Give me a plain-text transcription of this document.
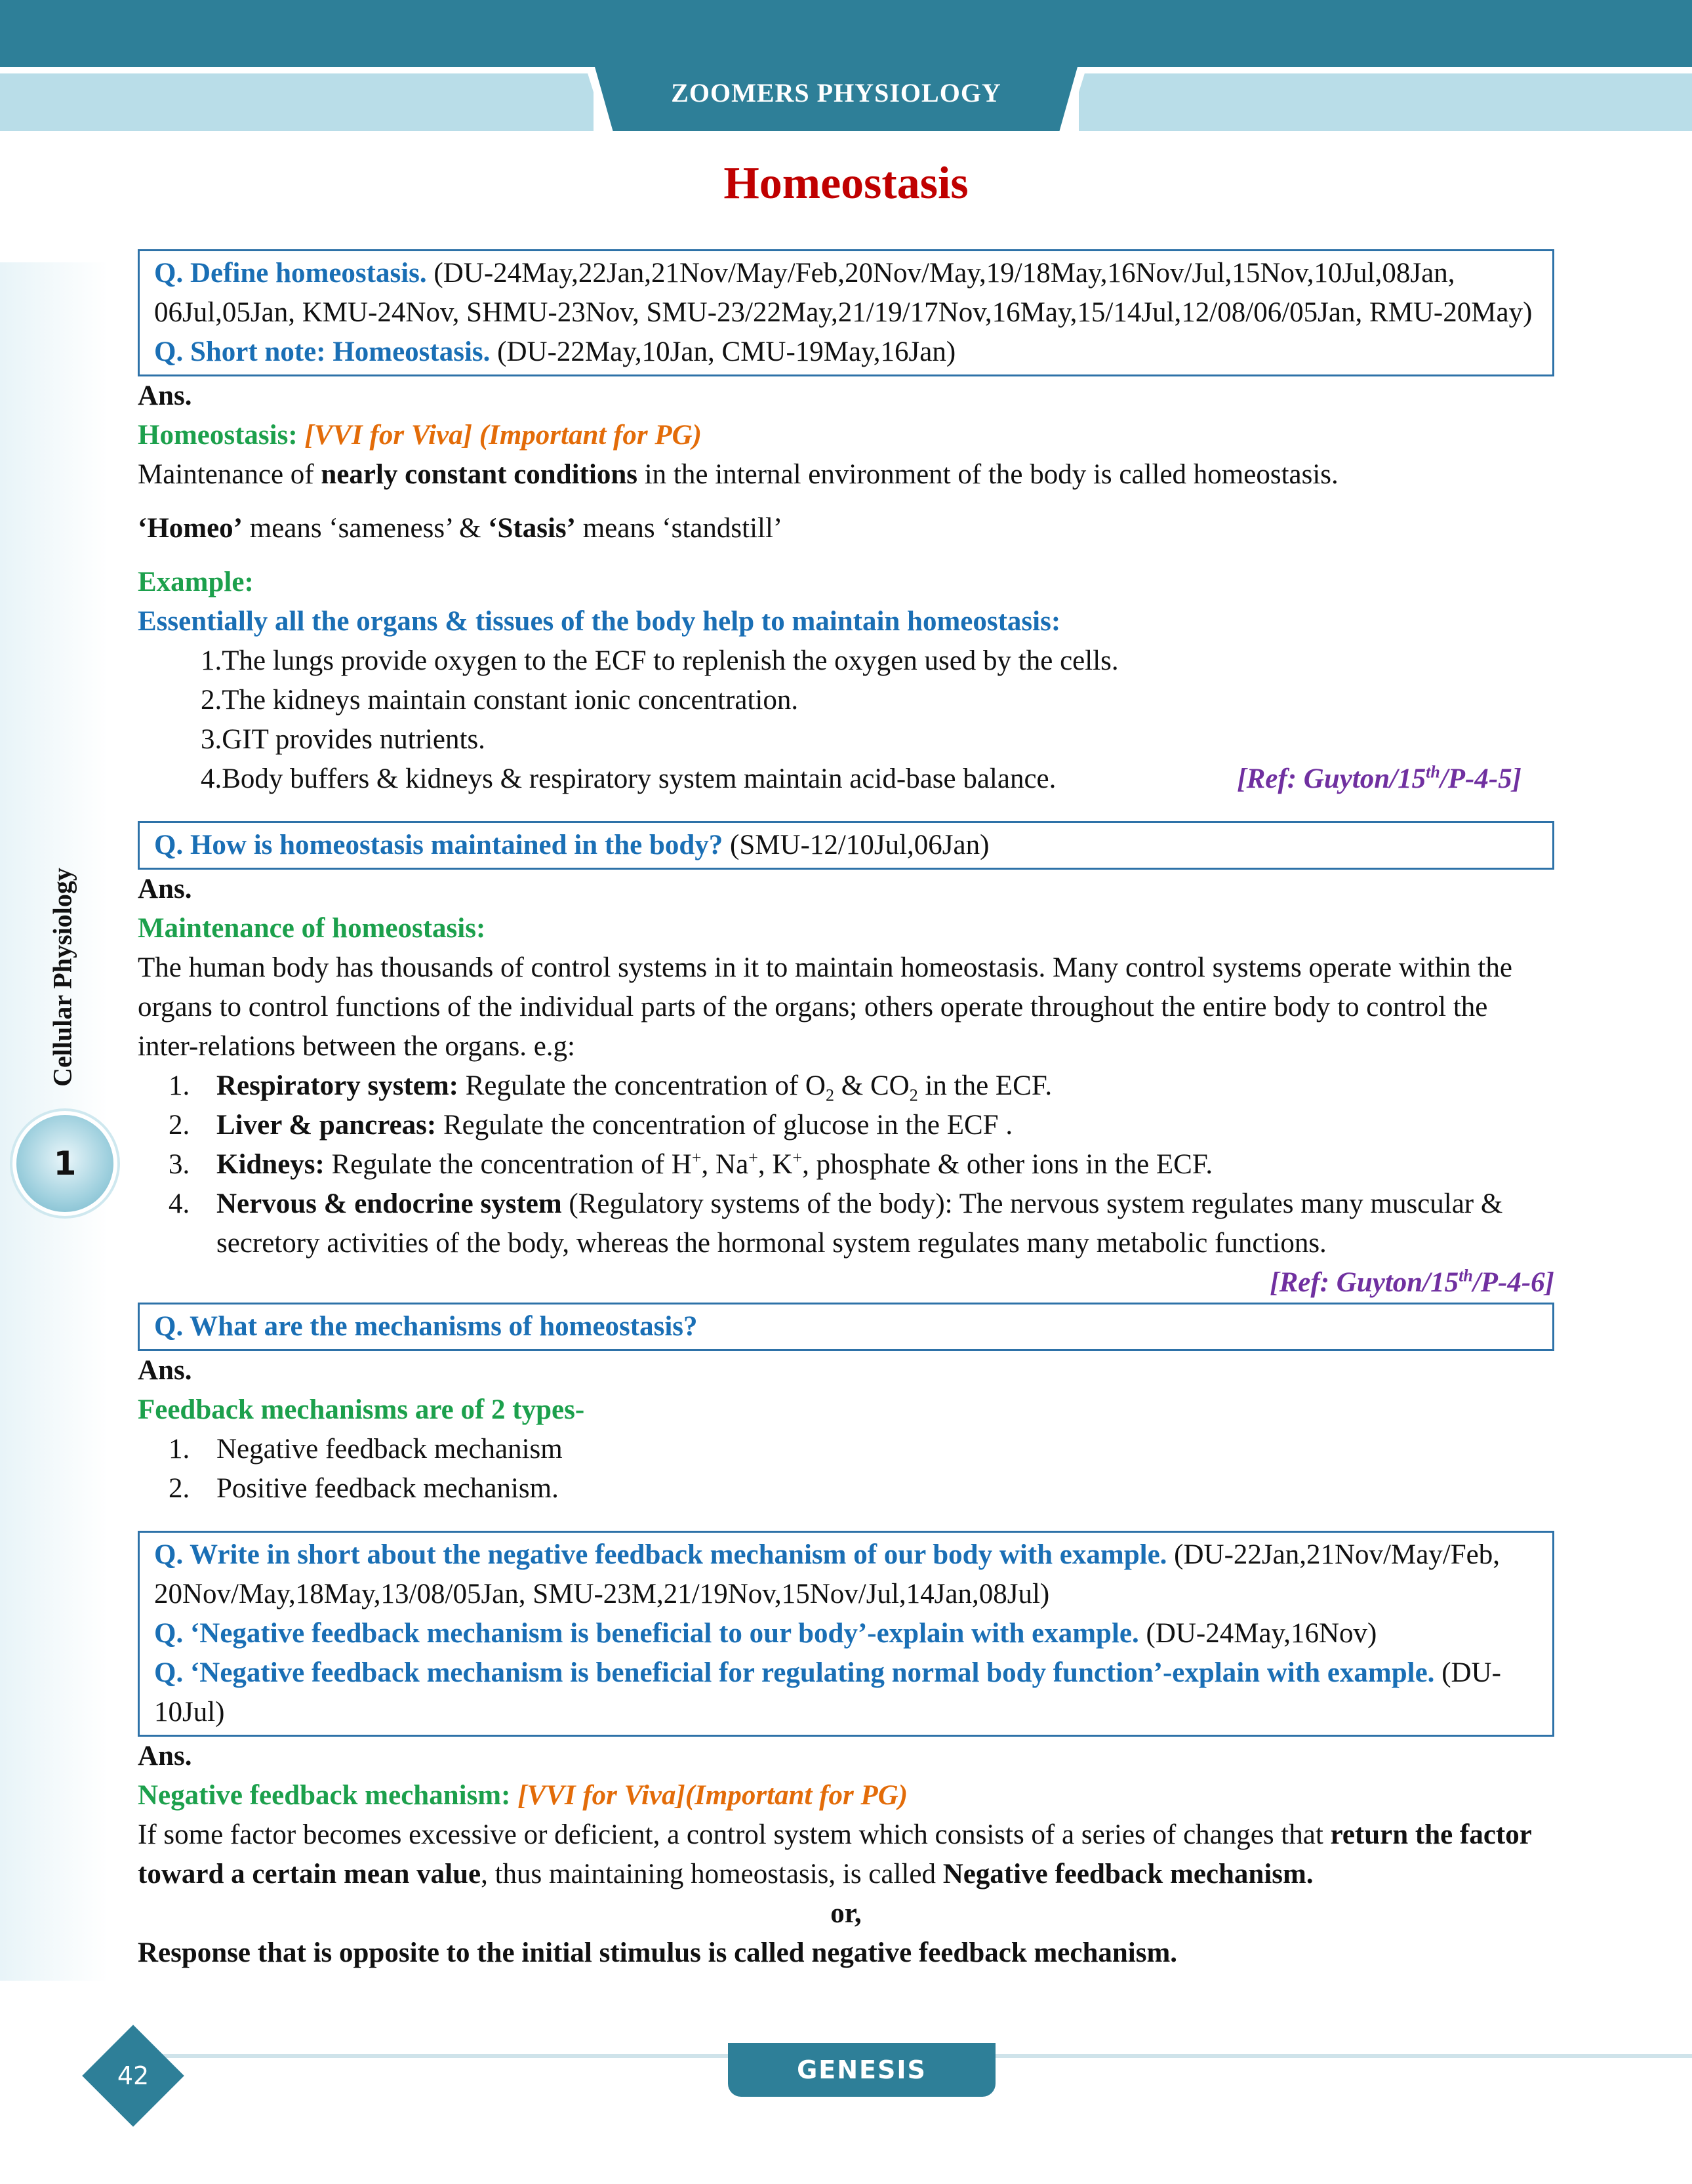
ZOOMERS PHYSIOLOGY
Homeostasis
Cellular Physiology
1

Q. Define homeostasis. (DU-24May,22Jan,21Nov/May/Feb,20Nov/May,19/18May,16Nov/Jul,15Nov,10Jul,08Jan, 06Jul,05Jan, KMU-24Nov, SHMU-23Nov, SMU-23/22May,21/19/17Nov,16May,15/14Jul,12/08/06/05Jan, RMU-20May)

Q. Short note: Homeostasis. (DU-22May,10Jan, CMU-19May,16Jan)

Ans.

Homeostasis: [VVI for Viva] (Important for PG)

Maintenance of nearly constant conditions in the internal environment of the body is called homeostasis.

‘Homeo’ means ‘sameness’ & ‘Stasis’ means ‘standstill’

Example:

Essentially all the organs & tissues of the body help to maintain homeostasis:

1.The lungs provide oxygen to the ECF to replenish the oxygen used by the cells.

2.The kidneys maintain constant ionic concentration.

3.GIT provides nutrients.

4.Body buffers & kidneys & respiratory system maintain acid-base balance.	[Ref: Guyton/15th/P-4-5]

Q. How is homeostasis maintained in the body? (SMU-12/10Jul,06Jan)

Ans.

Maintenance of homeostasis:

The human body has thousands of control systems in it to maintain homeostasis. Many control systems operate within the organs to control functions of the individual parts of the organs; others operate throughout the entire body to control the inter-relations between the organs. e.g:

1. Respiratory system: Regulate the concentration of $O_2$ & $CO_2$ in the ECF.
2. Liver & pancreas: Regulate the concentration of glucose in the ECF .
3. Kidneys: Regulate the concentration of H+, Na+, K+, phosphate & other ions in the ECF.
4. Nervous & endocrine system (Regulatory systems of the body): The nervous system regulates many muscular & secretory activities of the body, whereas the hormonal system regulates many metabolic functions.

[Ref: Guyton/15th/P-4-6]

Q. What are the mechanisms of homeostasis?

Ans.

Feedback mechanisms are of 2 types-

1. Negative feedback mechanism
2. Positive feedback mechanism.

Q. Write in short about the negative feedback mechanism of our body with example. (DU-22Jan,21Nov/May/Feb, 20Nov/May,18May,13/08/05Jan, SMU-23M,21/19Nov,15Nov/Jul,14Jan,08Jul)

Q. ‘Negative feedback mechanism is beneficial to our body’-explain with example. (DU-24May,16Nov)

Q. ‘Negative feedback mechanism is beneficial for regulating normal body function’-explain with example. (DU-10Jul)

Ans.

Negative feedback mechanism: [VVI for Viva](Important for PG)

If some factor becomes excessive or deficient, a control system which consists of a series of changes that return the factor toward a certain mean value, thus maintaining homeostasis, is called Negative feedback mechanism.

or,

Response that is opposite to the initial stimulus is called negative feedback mechanism.

GENESIS
42
